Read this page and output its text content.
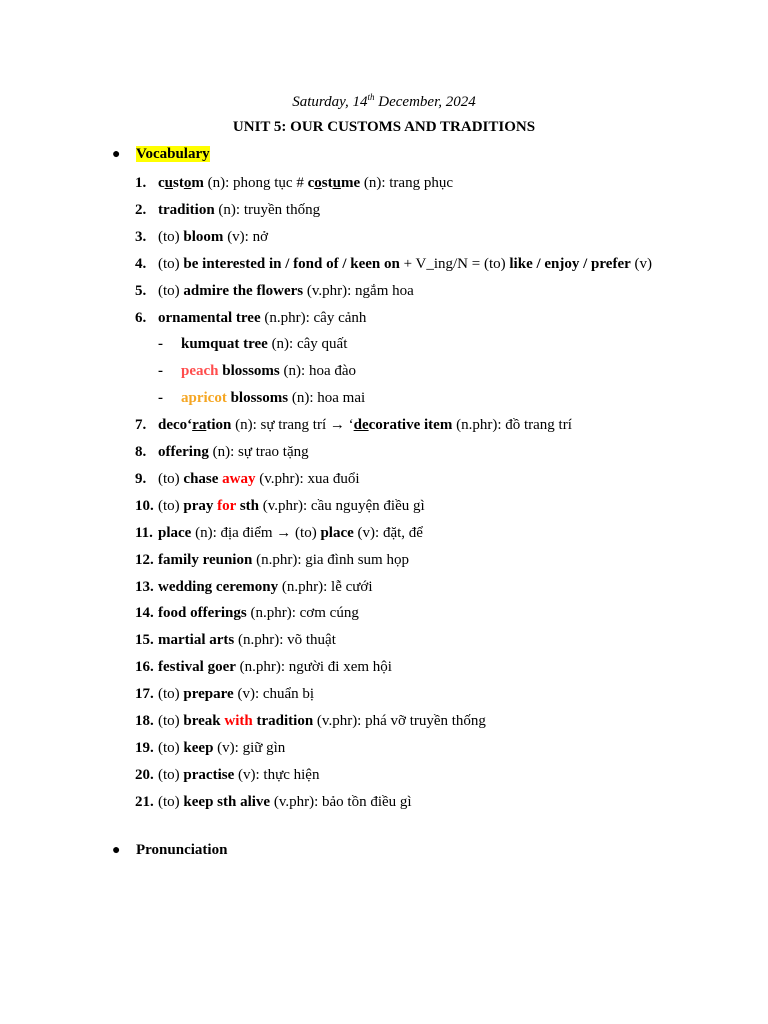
Saturday, 14th December, 2024
UNIT 5: OUR CUSTOMS AND TRADITIONS
● Vocabulary
1. custom (n): phong tục # costume (n): trang phục
2. tradition (n): truyền thống
3. (to) bloom (v): nở
4. (to) be interested in / fond of / keen on + V_ing/N = (to) like / enjoy / prefer (v)
5. (to) admire the flowers (v.phr): ngắm hoa
6. ornamental tree (n.phr): cây cảnh
- kumquat tree (n): cây quất
- peach blossoms (n): hoa đào
- apricot blossoms (n): hoa mai
7. deco‘ration (n): sự trang trí → ‘decorative item (n.phr): đồ trang trí
8. offering (n): sự trao tặng
9. (to) chase away (v.phr): xua đuổi
10. (to) pray for sth (v.phr): cầu nguyện điều gì
11. place (n): địa điểm → (to) place (v): đặt, để
12. family reunion (n.phr): gia đình sum họp
13. wedding ceremony (n.phr): lễ cưới
14. food offerings (n.phr): cơm cúng
15. martial arts (n.phr): võ thuật
16. festival goer (n.phr): người đi xem hội
17. (to) prepare (v): chuẩn bị
18. (to) break with tradition (v.phr): phá vỡ truyền thống
19. (to) keep (v): giữ gìn
20. (to) practise (v): thực hiện
21. (to) keep sth alive (v.phr): bảo tồn điều gì
● Pronunciation
